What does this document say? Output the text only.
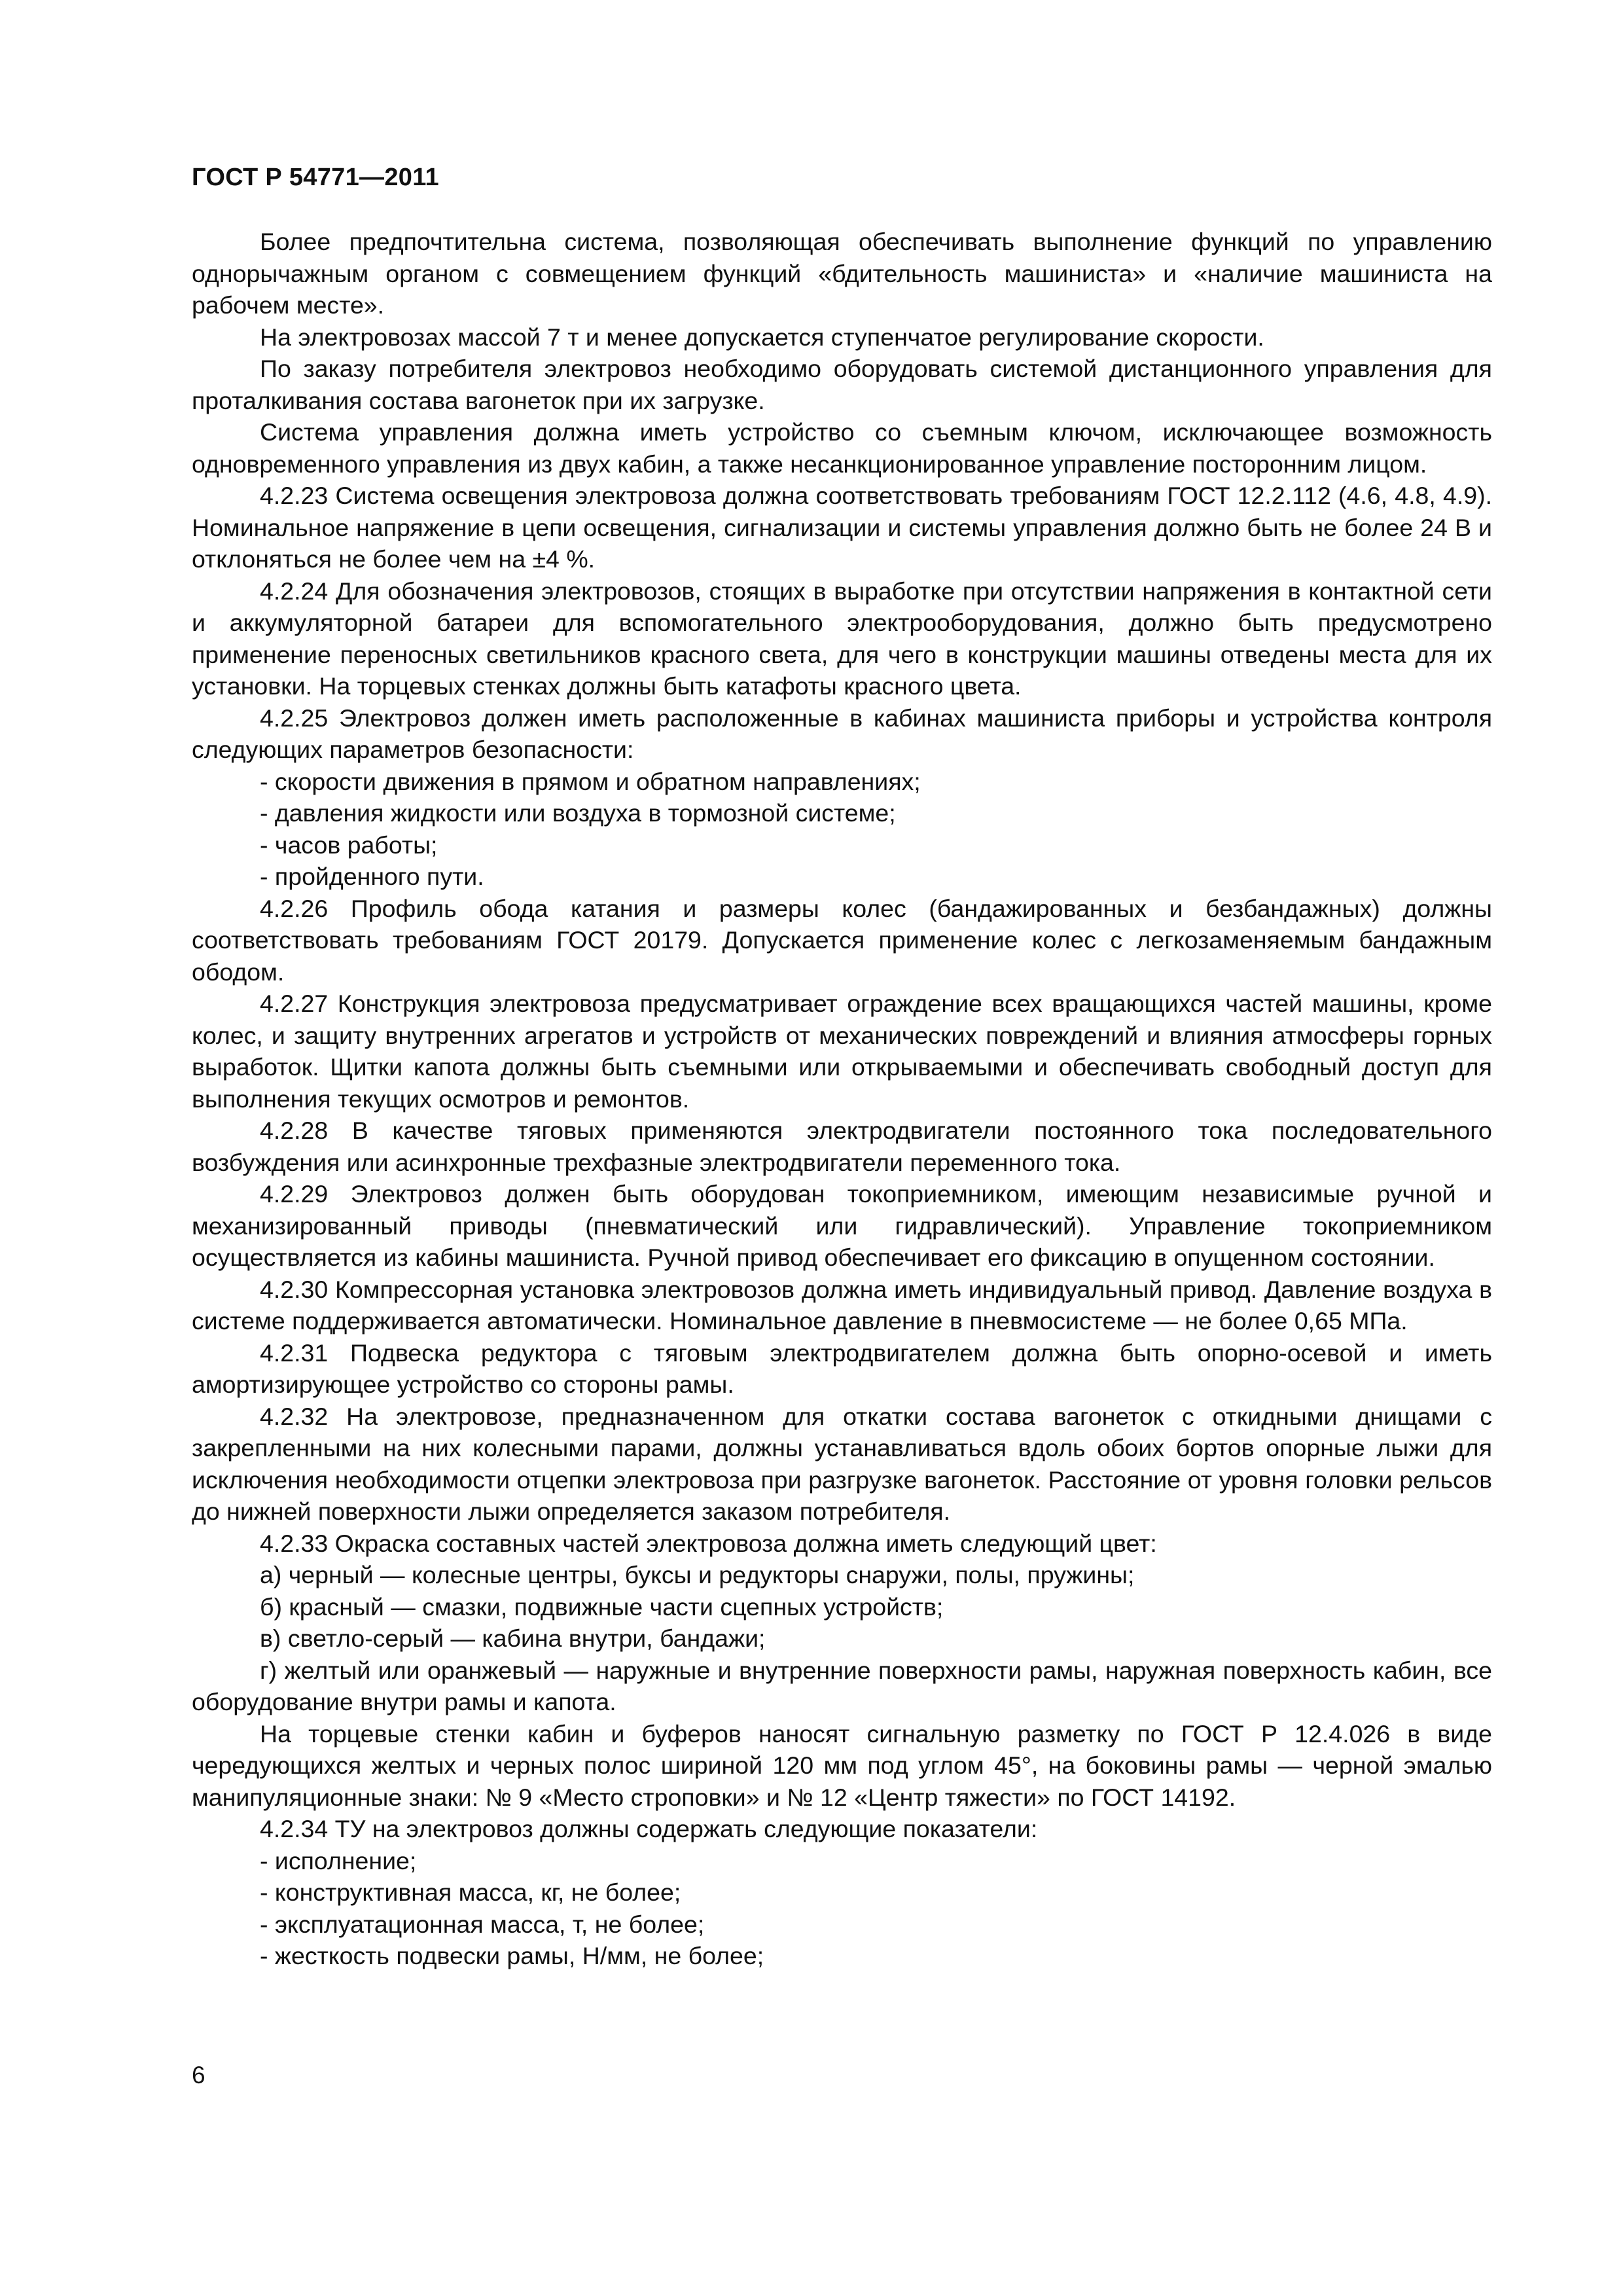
ГОСТ Р 54771—2011

Более предпочтительна система, позволяющая обеспечивать выполнение функций по управлению однорычажным органом с совмещением функций «бдительность машиниста» и «наличие машиниста на рабочем месте».

На электровозах массой 7 т и менее допускается ступенчатое регулирование скорости.

По заказу потребителя электровоз необходимо оборудовать системой дистанционного управления для проталкивания состава вагонеток при их загрузке.

Система управления должна иметь устройство со съемным ключом, исключающее возможность одновременного управления из двух кабин, а также несанкционированное управление посторонним лицом.

4.2.23 Система освещения электровоза должна соответствовать требованиям ГОСТ 12.2.112 (4.6, 4.8, 4.9). Номинальное напряжение в цепи освещения, сигнализации и системы управления должно быть не более 24 В и отклоняться не более чем на ±4 %.

4.2.24 Для обозначения электровозов, стоящих в выработке при отсутствии напряжения в контактной сети и аккумуляторной батареи для вспомогательного электрооборудования, должно быть предусмотрено применение переносных светильников красного света, для чего в конструкции машины отведены места для их установки. На торцевых стенках должны быть катафоты красного цвета.

4.2.25 Электровоз должен иметь расположенные в кабинах машиниста приборы и устройства контроля следующих параметров безопасности:

- скорости движения в прямом и обратном направлениях;

- давления жидкости или воздуха в тормозной системе;

- часов работы;

- пройденного пути.

4.2.26 Профиль обода катания и размеры колес (бандажированных и безбандажных) должны соответствовать требованиям ГОСТ 20179. Допускается применение колес с легкозаменяемым бандажным ободом.

4.2.27 Конструкция электровоза предусматривает ограждение всех вращающихся частей машины, кроме колес, и защиту внутренних агрегатов и устройств от механических повреждений и влияния атмосферы горных выработок. Щитки капота должны быть съемными или открываемыми и обеспечивать свободный доступ для выполнения текущих осмотров и ремонтов.

4.2.28 В качестве тяговых применяются электродвигатели постоянного тока последовательного возбуждения или асинхронные трехфазные электродвигатели переменного тока.

4.2.29 Электровоз должен быть оборудован токоприемником, имеющим независимые ручной и механизированный приводы (пневматический или гидравлический). Управление токоприемником осуществляется из кабины машиниста. Ручной привод обеспечивает его фиксацию в опущенном состоянии.

4.2.30 Компрессорная установка электровозов должна иметь индивидуальный привод. Давление воздуха в системе поддерживается автоматически. Номинальное давление в пневмосистеме — не более 0,65 МПа.

4.2.31 Подвеска редуктора с тяговым электродвигателем должна быть опорно-осевой и иметь амортизирующее устройство со стороны рамы.

4.2.32 На электровозе, предназначенном для откатки состава вагонеток с откидными днищами с закрепленными на них колесными парами, должны устанавливаться вдоль обоих бортов опорные лыжи для исключения необходимости отцепки электровоза при разгрузке вагонеток. Расстояние от уровня головки рельсов до нижней поверхности лыжи определяется заказом потребителя.

4.2.33 Окраска составных частей электровоза должна иметь следующий цвет:

а) черный — колесные центры, буксы и редукторы снаружи, полы, пружины;

б) красный — смазки, подвижные части сцепных устройств;

в) светло-серый — кабина внутри, бандажи;

г) желтый или оранжевый — наружные и внутренние поверхности рамы, наружная поверхность кабин, все оборудование внутри рамы и капота.

На торцевые стенки кабин и буферов наносят сигнальную разметку по ГОСТ Р 12.4.026 в виде чередующихся желтых и черных полос шириной 120 мм под углом 45°, на боковины рамы — черной эмалью манипуляционные знаки: № 9 «Место строповки» и № 12 «Центр тяжести» по ГОСТ 14192.

4.2.34 ТУ на электровоз должны содержать следующие показатели:

- исполнение;

- конструктивная масса, кг, не более;

- эксплуатационная масса, т, не более;

- жесткость подвески рамы, Н/мм, не более;

6
